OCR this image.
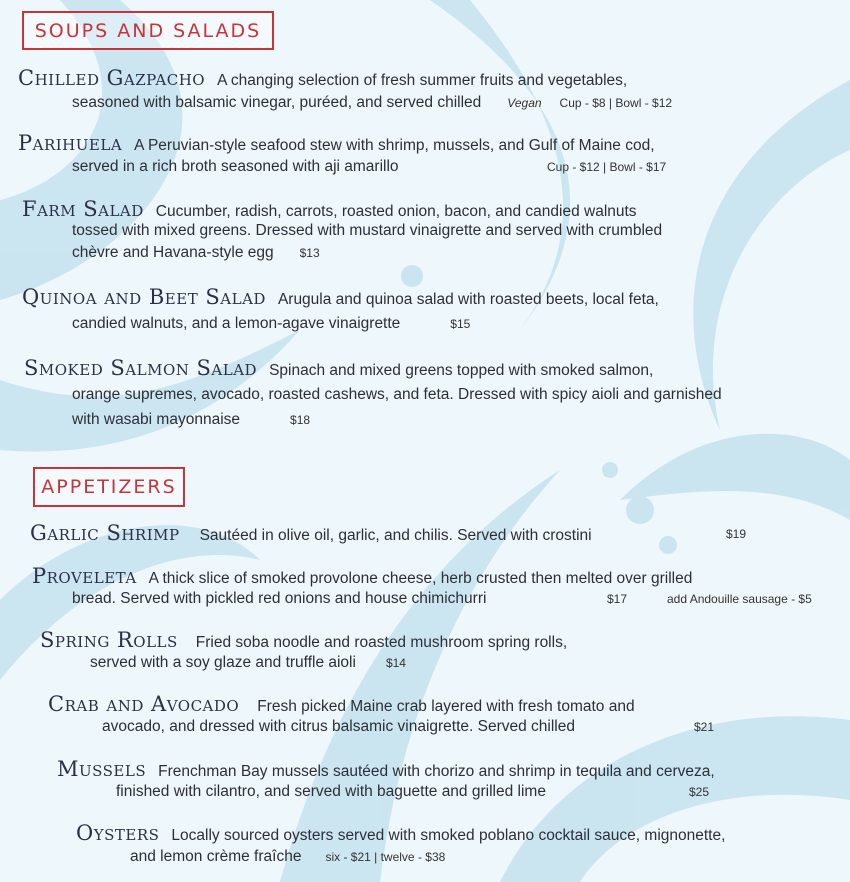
SOUPS AND SALADS
Chilled Gazpacho A changing selection of fresh summer fruits and vegetables,
seasoned with balsamic vinegar, puréed, and served chilled Vegan Cup - $8 | Bowl - $12
Parihuela A Peruvian-style seafood stew with shrimp, mussels, and Gulf of Maine cod,
served in a rich broth seasoned with aji amarillo	Cup - $12 | Bowl - $17
Farm Salad Cucumber, radish, carrots, roasted onion, bacon, and candied walnuts
tossed with mixed greens. Dressed with mustard vinaigrette and served with crumbled
chèvre and Havana-style egg $13
Quinoa and Beet Salad Arugula and quinoa salad with roasted beets, local feta,
candied walnuts, and a lemon-agave vinaigrette	$15
Smoked Salmon Salad Spinach and mixed greens topped with smoked salmon,
orange supremes, avocado, roasted cashews, and feta. Dressed with spicy aioli and garnished
with wasabi mayonnaise	$18
APPETIZERS
Garlic Shrimp Sautéed in olive oil, garlic, and chilis. Served with crostini	$19
Proveleta A thick slice of smoked provolone cheese, herb crusted then melted over grilled
bread. Served with pickled red onions and house chimichurri	$17	add Andouille sausage - $5
Spring Rolls Fried soba noodle and roasted mushroom spring rolls,
served with a soy glaze and truffle aioli	$14
Crab and Avocado Fresh picked Maine crab layered with fresh tomato and
avocado, and dressed with citrus balsamic vinaigrette. Served chilled	$21
Mussels Frenchman Bay mussels sautéed with chorizo and shrimp in tequila and cerveza,
finished with cilantro, and served with baguette and grilled lime	$25
Oysters Locally sourced oysters served with smoked poblano cocktail sauce, mignonette,
and lemon crème fraîche six - $21 | twelve - $38
